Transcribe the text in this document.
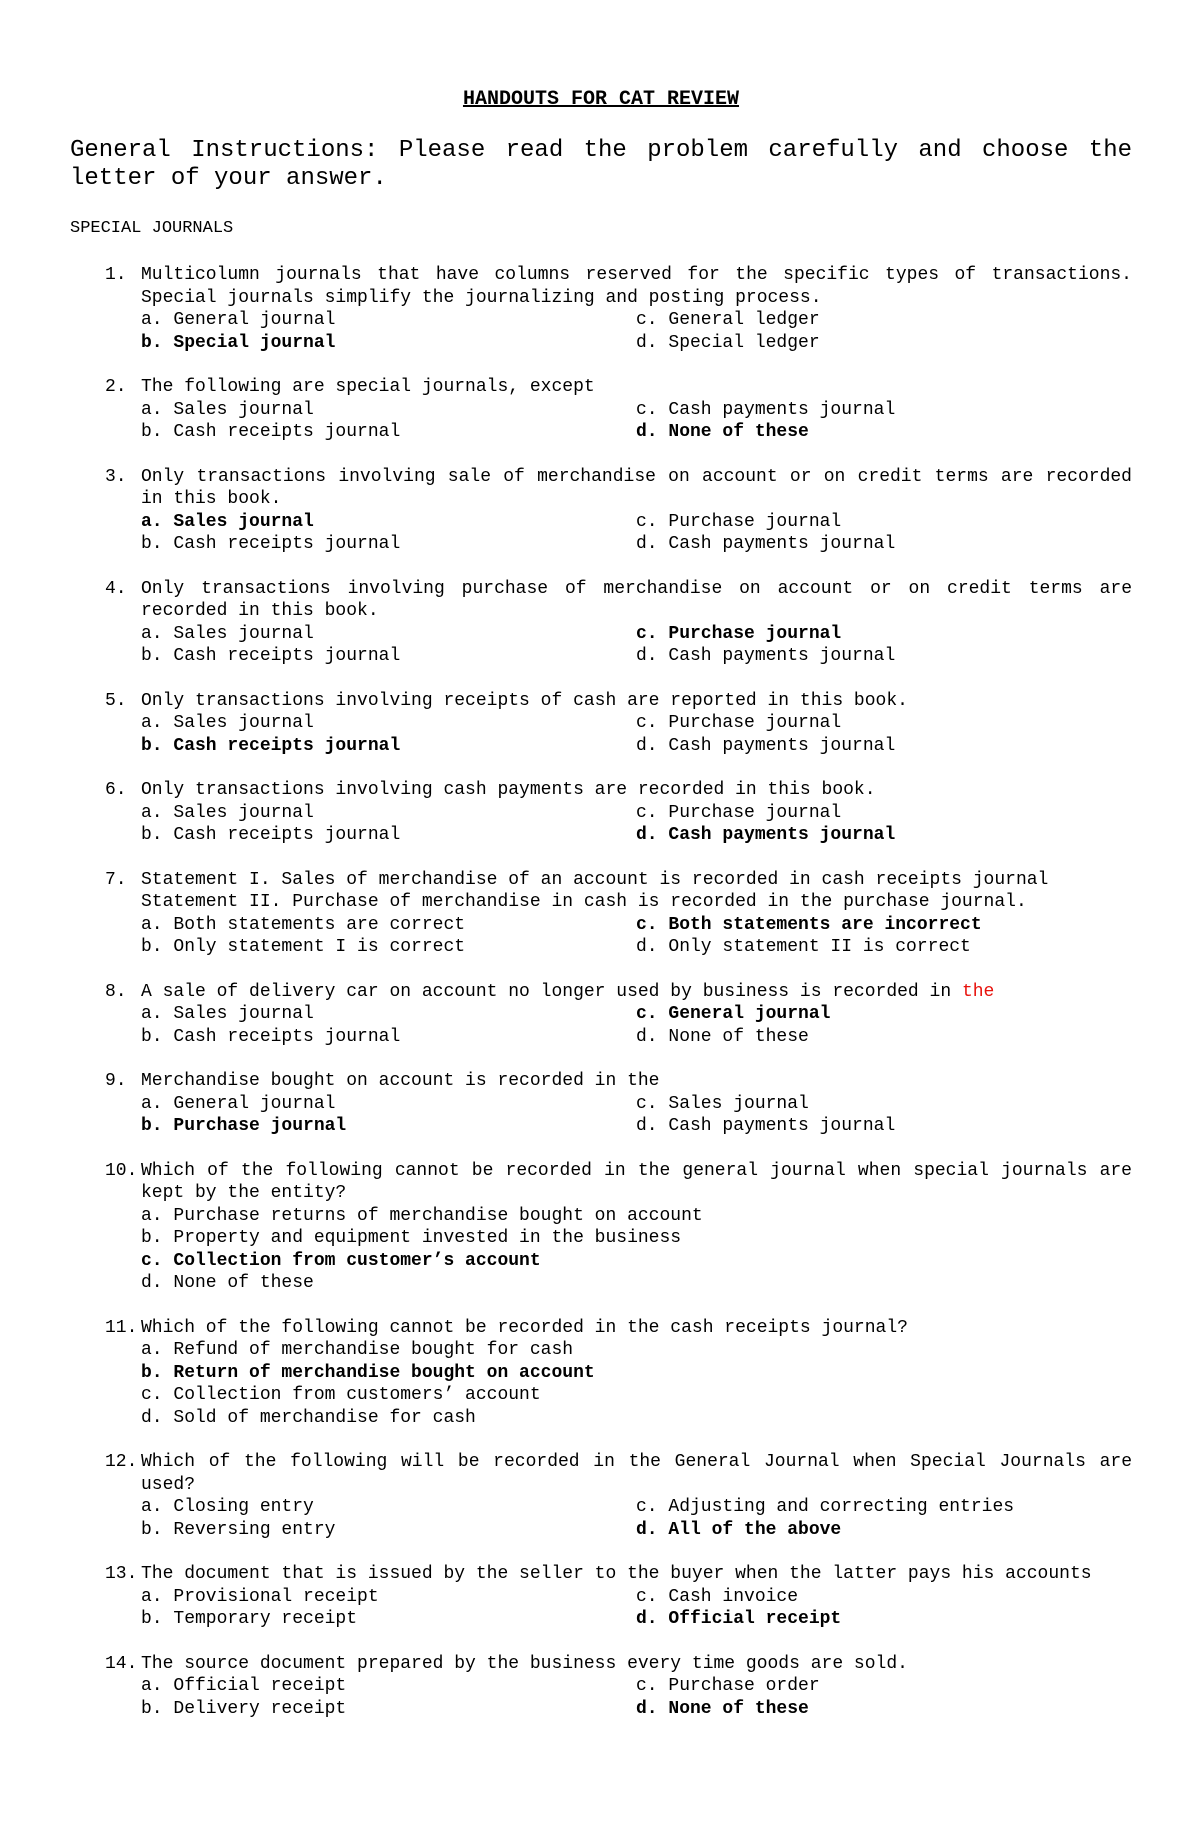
HANDOUTS FOR CAT REVIEW
General Instructions: Please read the problem carefully and choose the letter of your answer.
SPECIAL JOURNALS
1. Multicolumn journals that have columns reserved for the specific types of transactions. Special journals simplify the journalizing and posting process.
a. General journal	c. General ledger
b. Special journal	d. Special ledger
2. The following are special journals, except
a. Sales journal	c. Cash payments journal
b. Cash receipts journal	d. None of these
3. Only transactions involving sale of merchandise on account or on credit terms are recorded in this book.
a. Sales journal	c. Purchase journal
b. Cash receipts journal	d. Cash payments journal
4. Only transactions involving purchase of merchandise on account or on credit terms are recorded in this book.
a. Sales journal	c. Purchase journal
b. Cash receipts journal	d. Cash payments journal
5. Only transactions involving receipts of cash are reported in this book.
a. Sales journal	c. Purchase journal
b. Cash receipts journal	d. Cash payments journal
6. Only transactions involving cash payments are recorded in this book.
a. Sales journal	c. Purchase journal
b. Cash receipts journal	d. Cash payments journal
7. Statement I. Sales of merchandise of an account is recorded in cash receipts journal
Statement II. Purchase of merchandise in cash is recorded in the purchase journal.
a. Both statements are correct	c. Both statements are incorrect
b. Only statement I is correct	d. Only statement II is correct
8. A sale of delivery car on account no longer used by business is recorded in the
a. Sales journal	c. General journal
b. Cash receipts journal	d. None of these
9. Merchandise bought on account is recorded in the
a. General journal	c. Sales journal
b. Purchase journal	d. Cash payments journal
10. Which of the following cannot be recorded in the general journal when special journals are kept by the entity?
a. Purchase returns of merchandise bought on account
b. Property and equipment invested in the business
c. Collection from customer’s account
d. None of these
11. Which of the following cannot be recorded in the cash receipts journal?
a. Refund of merchandise bought for cash
b. Return of merchandise bought on account
c. Collection from customers’ account
d. Sold of merchandise for cash
12. Which of the following will be recorded in the General Journal when Special Journals are used?
a. Closing entry	c. Adjusting and correcting entries
b. Reversing entry	d. All of the above
13. The document that is issued by the seller to the buyer when the latter pays his accounts
a. Provisional receipt	c. Cash invoice
b. Temporary receipt	d. Official receipt
14. The source document prepared by the business every time goods are sold.
a. Official receipt	c. Purchase order
b. Delivery receipt	d. None of these
